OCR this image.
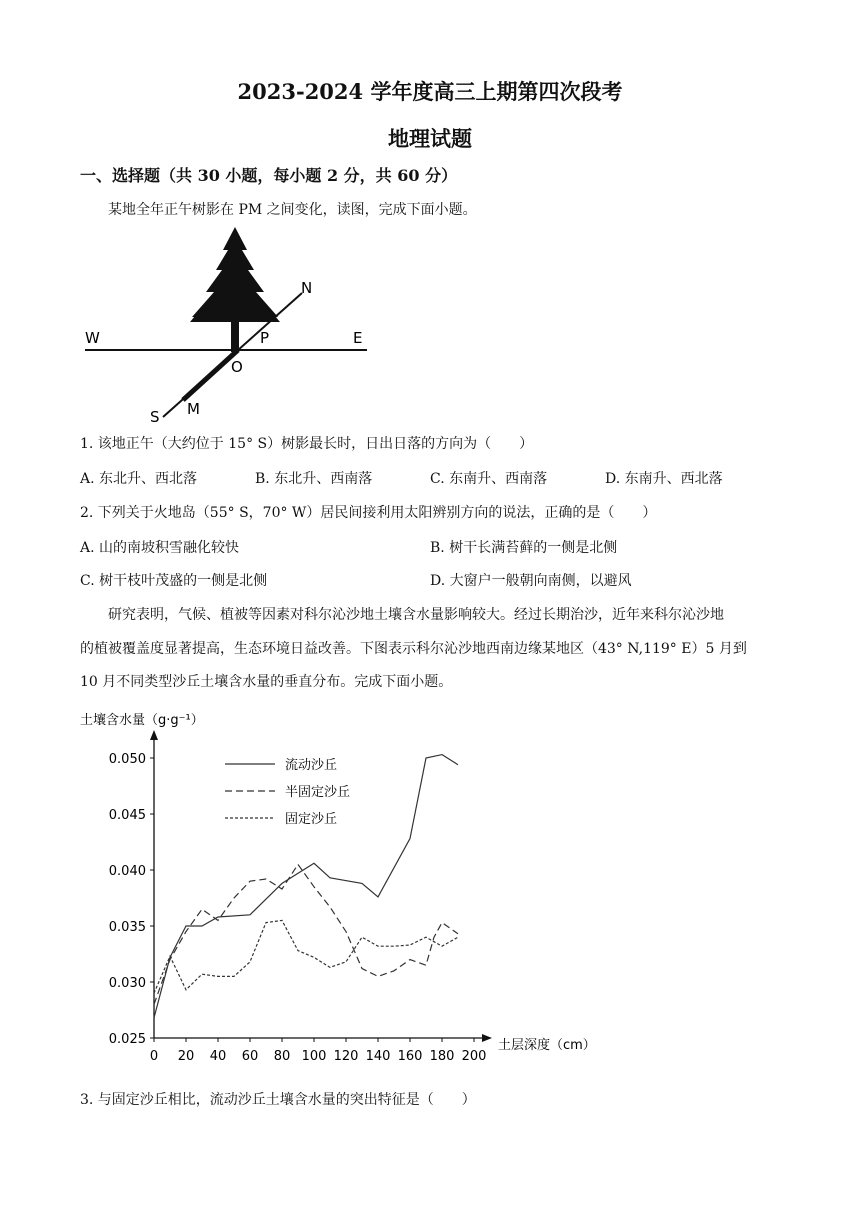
2023-2024 学年度高三上期第四次段考
地理试题
一、选择题（共 30 小题，每小题 2 分，共 60 分）
某地全年正午树影在 PM 之间变化，读图，完成下面小题。
W	E
N
S
P
M
O
1. 该地正午（大约位于 15° S）树影最长时，日出日落的方向为（　　）
A. 东北升、西北落	B. 东北升、西南落	C. 东南升、西南落	D. 东南升、西北落
2. 下列关于火地岛（55° S，70° W）居民间接利用太阳辨别方向的说法，正确的是（　　）
A. 山的南坡积雪融化较快	B. 树干长满苔藓的一侧是北侧
C. 树干枝叶茂盛的一侧是北侧	D. 大窗户一般朝向南侧，以避风
研究表明，气候、植被等因素对科尔沁沙地土壤含水量影响较大。经过长期治沙，近年来科尔沁沙地
的植被覆盖度显著提高，生态环境日益改善。下图表示科尔沁沙地西南边缘某地区（43° N,119° E）5 月到
10 月不同类型沙丘土壤含水量的垂直分布。完成下面小题。
0.025
0.030
0.035
0.040
0.045
0.050
0 20 40 60 80 100 120 140 160 180 200
流动沙丘
半固定沙丘
固定沙丘
土壤含水量（g·g⁻¹）
土层深度（cm）
3. 与固定沙丘相比，流动沙丘土壤含水量的突出特征是（　　）
